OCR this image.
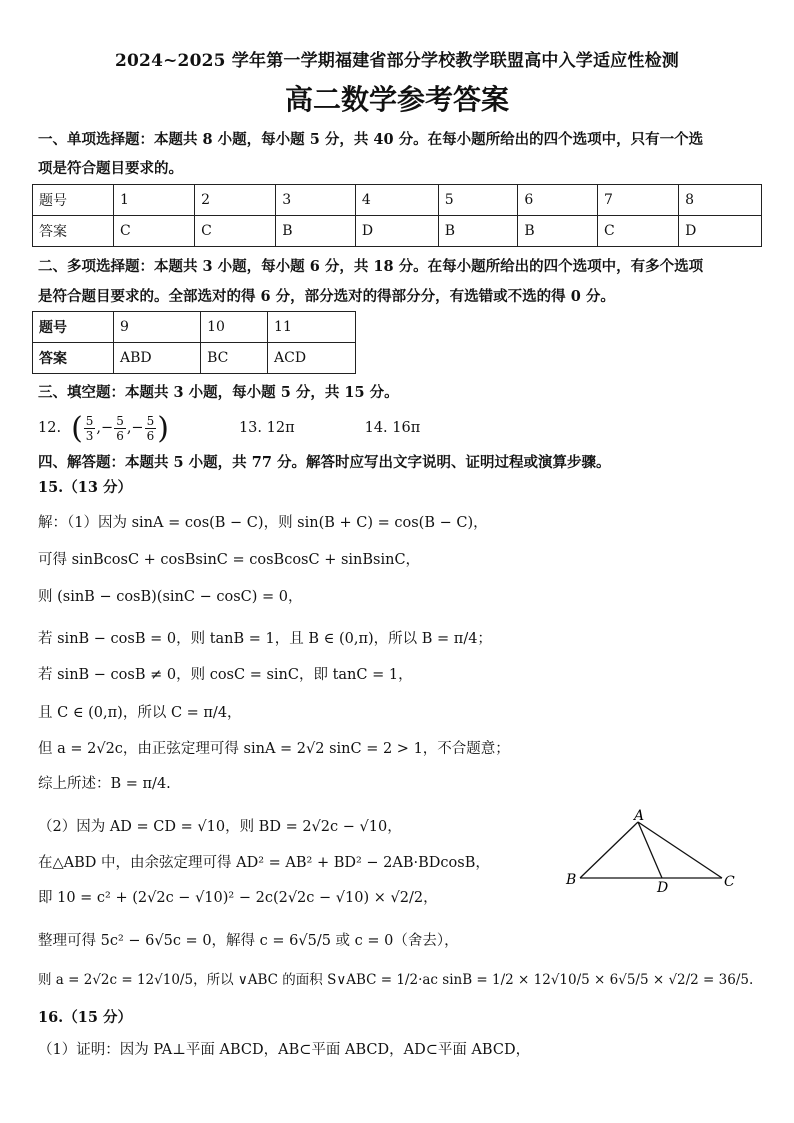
2024~2025 学年第一学期福建省部分学校教学联盟高中入学适应性检测
高二数学参考答案
一、单项选择题：本题共 8 小题，每小题 5 分，共 40 分。在每小题所给出的四个选项中，只有一个选
项是符合题目要求的。
题号	1	2	3	4	5	6	7	8
答案	C	C	B	D	B	B	C	D
二、多项选择题：本题共 3 小题，每小题 6 分，共 18 分。在每小题所给出的四个选项中，有多个选项
是符合题目要求的。全部选对的得 6 分，部分选对的得部分分，有选错或不选的得 0 分。
题号	9	10	11
答案	ABD	BC	ACD
三、填空题：本题共 3 小题，每小题 5 分，共 15 分。
12. ( $\frac{5}{3}$ ,− $\frac{5}{6}$ ,− $\frac{5}{6}$ )	13. 12π	14. 16π
四、解答题：本题共 5 小题，共 77 分。解答时应写出文字说明、证明过程或演算步骤。
15.（13 分）
解：（1）因为 sinA = cos(B − C)，则 sin(B + C) = cos(B − C)，
可得 sinBcosC + cosBsinC = cosBcosC + sinBsinC，
则 (sinB − cosB)(sinC − cosC) = 0，
若 sinB − cosB = 0，则 tanB = 1，且 B ∈ (0,π)，所以 B = π/4；
若 sinB − cosB ≠ 0，则 cosC = sinC，即 tanC = 1，
且 C ∈ (0,π)，所以 C = π/4，
但 a = 2√2c，由正弦定理可得 sinA = 2√2 sinC = 2 > 1，不合题意；
综上所述：B = π/4.
（2）因为 AD = CD = √10，则 BD = 2√2c − √10，
在△ABD 中，由余弦定理可得 AD² = AB² + BD² − 2AB·BDcosB，
即 10 = c² + (2√2c − √10)² − 2c(2√2c − √10) × √2/2，
整理可得 5c² − 6√5c = 0，解得 c = 6√5/5 或 c = 0（舍去），
则 a = 2√2c = 12√10/5，所以 ∨ABC 的面积 S∨ABC = 1/2·ac sinB = 1/2 × 12√10/5 × 6√5/5 × √2/2 = 36/5.
16.（15 分）
（1）证明：因为 PA⊥平面 ABCD，AB⊂平面 ABCD，AD⊂平面 ABCD，
A
B	D	C
